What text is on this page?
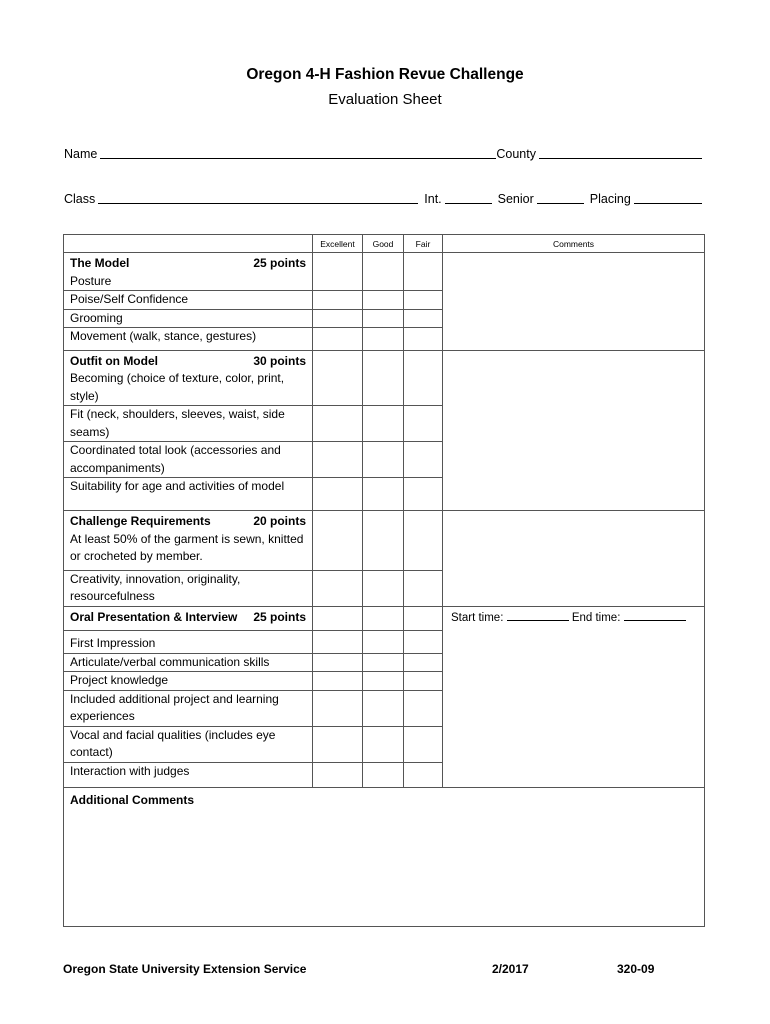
Oregon 4-H Fashion Revue Challenge
Evaluation Sheet
Name	County
Class	Int.	Senior	Placing
	Excellent	Good	Fair	Comments

The Model 25 points
Posture				

Poise/Self Confidence				
Grooming				
Movement (walk, stance, gestures)				

Outfit on Model 30 points
Becoming (choice of texture, color, print, style)				

Fit (neck, shoulders, sleeves, waist, side seams)				
Coordinated total look (accessories and accompaniments)				
Suitability for age and activities of model				

Challenge Requirements 20 points
At least 50% of the garment is sewn, knitted or crocheted by member.				

Creativity, innovation, originality, resourcefulness				

Oral Presentation & Interview 25 points				Start time: End time:

First Impression				
Articulate/verbal communication skills				
Project knowledge				
Included additional project and learning experiences				
Vocal and facial qualities (includes eye contact)				
Interaction with judges				

Additional Comments				
Oregon State University Extension Service	2/2017	320-09
